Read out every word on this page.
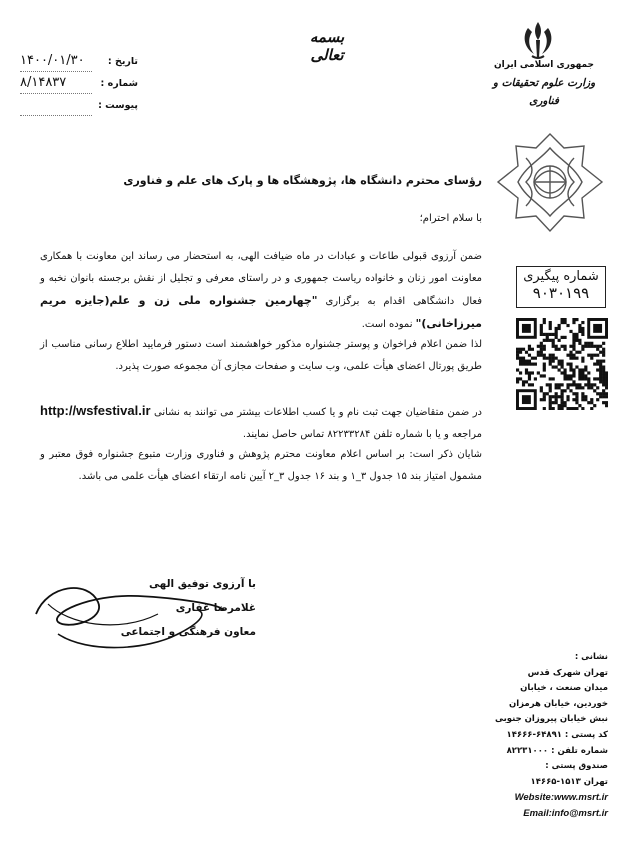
بسمه تعالی
جمهوری اسلامی ایران
وزارت علوم تحقیقات و فناوری
تاریخ :
۱۴۰۰/۰۱/۳۰
شماره :
۸/۱۴۸۳۷
پیوست :
شماره پیگیری
۹۰۳۰۱۹۹
رؤسای محترم دانشگاه ها، پژوهشگاه ها و پارک های علم و فناوری
با سلام احترام؛
ضمن آرزوی قبولی طاعات و عبادات در ماه ضیافت الهی، به استحضار می رساند این معاونت با همکاری معاونت امور زنان و خانواده ریاست جمهوری و در راستای معرفی و تجلیل از نقش برجسته بانوان نخبه و فعال دانشگاهی اقدام به برگزاری "چهارمین جشنواره ملی زن و علم(جایزه مریم میرزاخانی)" نموده است.
لذا ضمن اعلام فراخوان و پوستر جشنواره مذکور خواهشمند است دستور فرمایید اطلاع رسانی مناسب از طریق پورتال اعضای هیأت علمی، وب سایت و صفحات مجازی آن مجموعه صورت پذیرد.
در ضمن متقاضیان جهت ثبت نام و یا کسب اطلاعات بیشتر می توانند به نشانی http://wsfestival.ir مراجعه و یا با شماره تلفن ۸۲۲۳۳۲۸۴ تماس حاصل نمایند.
شایان ذکر است: بر اساس اعلام معاونت محترم پژوهش و فناوری وزارت متبوع جشنواره فوق معتبر و مشمول امتیاز بند ۱۵ جدول ۳_۱ و بند ۱۶ جدول ۳_۲ آیین نامه ارتقاء اعضای هیأت علمی می باشد.
با آرزوی توفیق الهی
غلامرضا غفاری
معاون فرهنگی و اجتماعی
نشانی :
تهران شهرک قدس
میدان صنعت ، خیابان
خوردین، خیابان هرمزان
نبش خیابان پیروزان جنوبی
کد پستی : ۶۴۸۹۱-۱۴۶۶۶
شماره تلفن : ۸۲۲۳۱۰۰۰
صندوق پستی :
تهران ۱۵۱۳-۱۴۶۶۵
Website:www.msrt.ir
Email:info@msrt.ir
